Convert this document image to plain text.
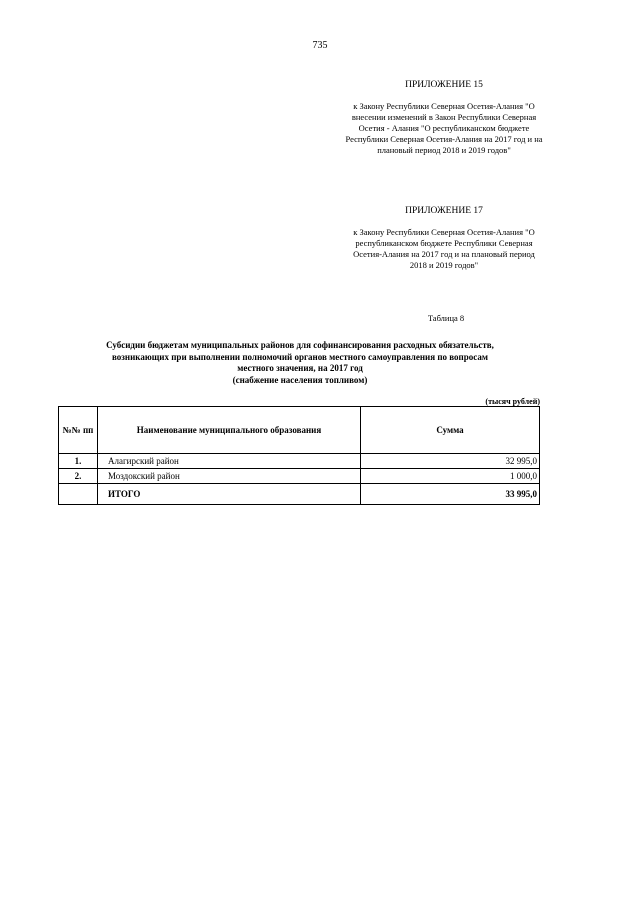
735
ПРИЛОЖЕНИЕ 15
к Закону Республики Северная Осетия-Алания "О внесении изменений в Закон Республики Северная Осетия - Алания "О республиканском бюджете Республики Северная Осетия-Алания на 2017 год и на плановый период 2018 и 2019 годов"
ПРИЛОЖЕНИЕ 17
к Закону Республики Северная Осетия-Алания "О республиканском бюджете Республики Северная Осетия-Алания на 2017 год и на плановый период 2018 и 2019 годов"
Таблица 8
Субсидии бюджетам муниципальных районов для софинансирования расходных обязательств,
возникающих при выполнении полномочий органов местного самоуправления по вопросам
местного значения, на 2017 год
(снабжение населения топливом)
(тысяч рублей)
№№ пп	Наименование муниципального образования	Сумма
1.	Алагирский район	32 995,0
2.	Моздокский район	1 000,0
	ИТОГО	33 995,0
